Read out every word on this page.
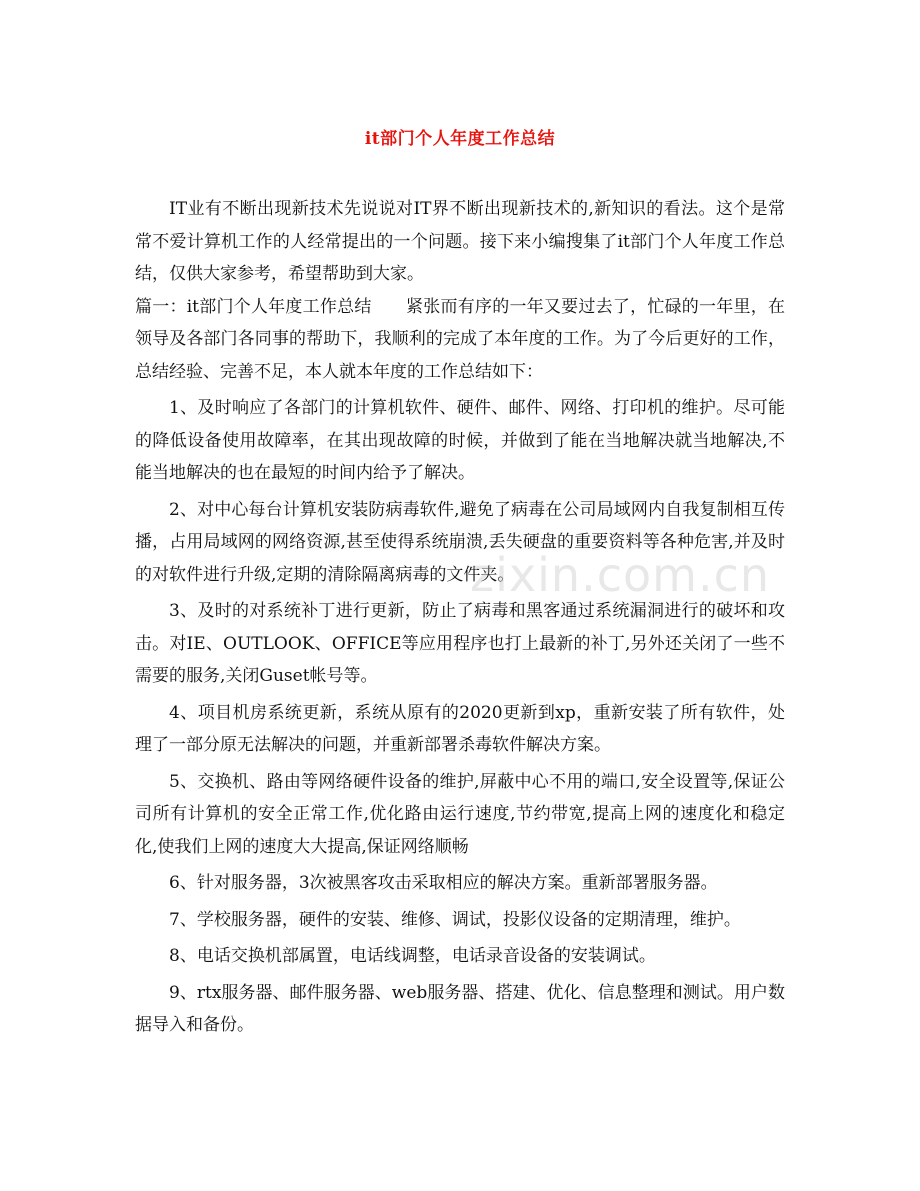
it部门个人年度工作总结

IT业有不断出现新技术先说说对IT界不断出现新技术的,新知识的看法。这个是常常不爱计算机工作的人经常提出的一个问题。接下来小编搜集了it部门个人年度工作总结，仅供大家参考，希望帮助到大家。

篇一：it部门个人年度工作总结　　紧张而有序的一年又要过去了，忙碌的一年里，在领导及各部门各同事的帮助下，我顺利的完成了本年度的工作。为了今后更好的工作，总结经验、完善不足，本人就本年度的工作总结如下：

1、及时响应了各部门的计算机软件、硬件、邮件、网络、打印机的维护。尽可能的降低设备使用故障率，在其出现故障的时候，并做到了能在当地解决就当地解决,不能当地解决的也在最短的时间内给予了解决。

2、对中心每台计算机安装防病毒软件,避免了病毒在公司局域网内自我复制相互传播，占用局域网的网络资源,甚至使得系统崩溃,丢失硬盘的重要资料等各种危害,并及时的对软件进行升级,定期的清除隔离病毒的文件夹。

3、及时的对系统补丁进行更新，防止了病毒和黑客通过系统漏洞进行的破坏和攻击。对IE、OUTLOOK、OFFICE等应用程序也打上最新的补丁,另外还关闭了一些不需要的服务,关闭Guset帐号等。

4、项目机房系统更新，系统从原有的2020更新到xp，重新安装了所有软件，处理了一部分原无法解决的问题，并重新部署杀毒软件解决方案。

5、交换机、路由等网络硬件设备的维护,屏蔽中心不用的端口,安全设置等,保证公司所有计算机的安全正常工作,优化路由运行速度,节约带宽,提高上网的速度化和稳定化,使我们上网的速度大大提高,保证网络顺畅

6、针对服务器，3次被黑客攻击采取相应的解决方案。重新部署服务器。

7、学校服务器，硬件的安装、维修、调试，投影仪设备的定期清理，维护。

8、电话交换机部属置，电话线调整，电话录音设备的安装调试。

9、rtx服务器、邮件服务器、web服务器、搭建、优化、信息整理和测试。用户数据导入和备份。

zixin.com.cn
